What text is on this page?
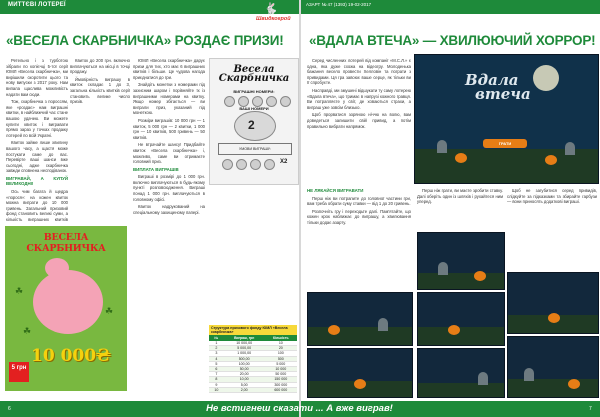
МИТТЄВІ ЛОТЕРЕЇ	🐇
Швидкогрой
«ВЕСЕЛА СКАРБНИЧКА» РОЗДАЄ ПРИЗИ!

Ретельно і з турботою зібрали по копієчці 5-тої серії ЮМЛ «Весела скарбничка», ми вирішили скоротити цього та нову випуски з 2017 року. Нам випала щаслива можливість надати вам сюди.

Тож, скарбничка з пороссям, яке «роздає» нам виграшні квитки, в найближчий час стане вашою удачею. Ви можете купити квиток і вигравати прямо зараз у точках продажу лотерей по всій Україні.

Квиток займе лише хвилину вашого часу, а щастя може постукати саме до вас. Перевірте ваші шанси вже сьогодні, адже скарбничка завжди сповнена несподіванок.

ВИГРАВАЙ, А КУПУЙ ВЕЛИКОДНІ!

Ось чим багата й щедра «порося»: на кожен квиток можна виграти до 10 000 гривень. Загальний призовий фонд становить великі суми, а кількість виграшних квитків

ЮМЛ «Весела скарбничка» дарує призи для тих, хто має 6 виграшних квитків і більше. Це чудова нагода приєднатися до гри.

Знайдіть монетки з номерами під захисним шаром і порівняйте їх із виграшними номерами на квитку. Якщо номер збігається — ви виграли приз, указаний під монеткою.

Розміри виграшів: 10 000 грн — 1 квиток, 5 000 грн — 2 квитки, 1 000 грн — 10 квитків, 500 гривень — 50 квитків.

Не втрачайте шансу! Придбайте квиток «Весела скарбничка» і, можливо, саме ви отримаєте головний приз.

ВИПЛАТА ВИГРАШІВ

Виграші в розмірі до 1 000 грн. включно виплачуються в будь-якому пункті розповсюдження. Виграші понад 1 000 грн. виплачуються в головному офісі.

Квиток надрукований на спеціальному захищеному папері.

Квиток до 200 грн. включно виплачуються на місці в точці продажу.

Ймовірність виграшу в квиток складає 1 до 3, загальна кількість квитків серії становить велике число призів.

Весела
Скарбничка
ВИГРАШНІ НОМЕРИ:
ВАШІ НОМЕРИ
2
УМОВИ ВИГРАШУ:
Х2
Структура призового фонду ЮМЛ «Весела скарбничка»
№	Виграш, грн	Кількість
1	10 000,00	10
2	5 000,00	20
3	1 000,00	100
4	500,00	500
5	100,00	5 000
6	50,00	10 000
7	20,00	50 000
8	10,00	150 000
9	5,00	300 000
10	2,00	600 000
ВЕСЕЛА СКАРБНИЧКА
☘
☘
☘
10 000₴
5 грн
6
АЗАРТ № 47 (1393) 19-02-2017
«ВДАЛА ВТЕЧА» — ХВИЛЮЮЧИЙ ХОРРОР!

Серед численних лотерей від компанії «М.С.Л.» є одна, яка дуже схожа на відеогру. Молоденька бажання весело провести Хелловін та пограти з привидами. Ця гра завоює ваше серце, як тільки ви її спробуєте.

Насправді, ми змушені відшукати ту саму лотерею «Вдала втеча», що тримає в напрузі кожного гравця. Ви потрапляєте у світ, де ховаються страхи, а виграш уже зовсім близько.

Щоб прорватися зоряною ніччю на волю, вам доведеться залишити свій привид, а потім правильно вибрати напрямок.

Вдала
втеча
ГРАТИ

НЕ ЛЯКАЙСЯ ВИГРАВАТИ

Перш ніж ви потрапите до головної частини гри, вам треба обрати суму ставки — від 1 до 20 гривень.

Розпочніть гру і переходьте далі. Пам’ятайте, що кожен крок наближає до виграшу, а хвилювання тільки додає азарту.

Перш ніж грати, ви маєте зробити ставку. Далі оберіть один із шляхів і рухайтеся ним уперед.

Щоб не загубитися серед привидів, слідкуйте за підказками та збирайте гарбузи — вони приносять додаткові виграші.

7
Не встигнеш сказати ... А вже виграв!
